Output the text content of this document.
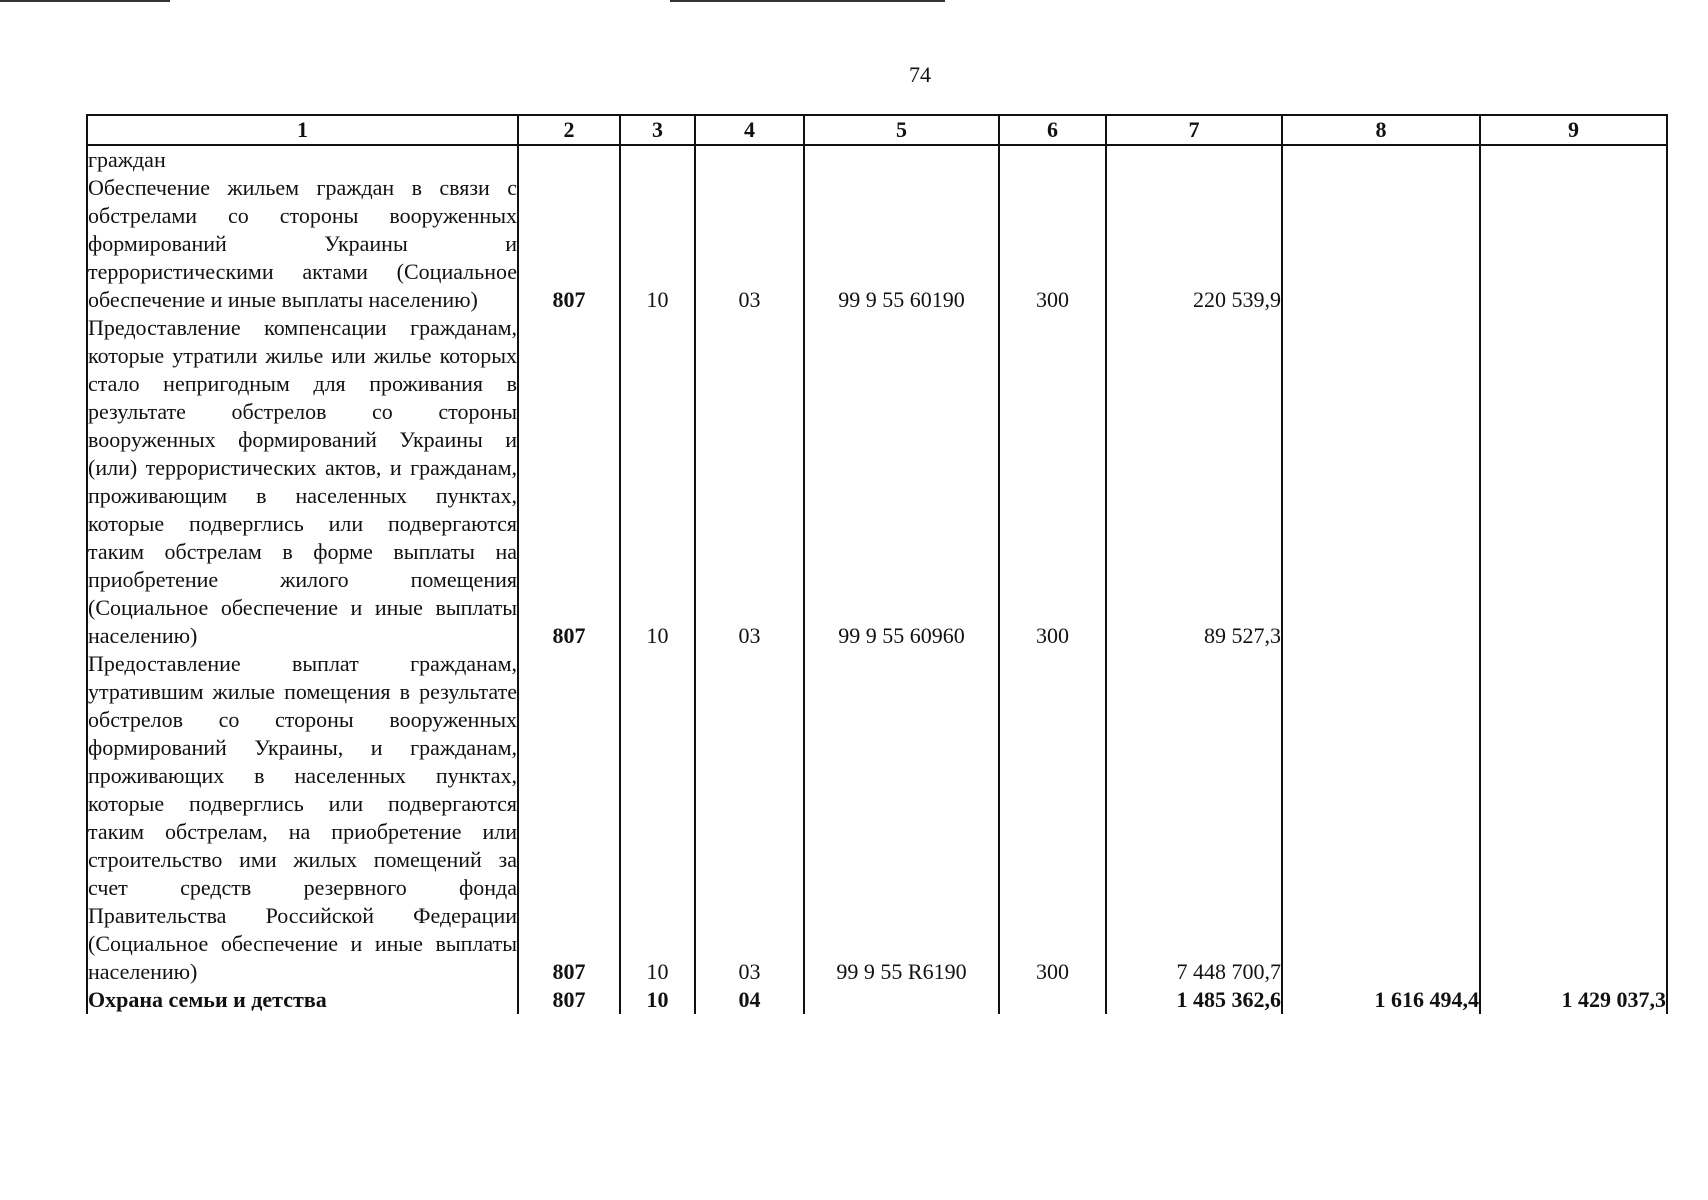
74
1	2	3	4	5	6	7	8	9
граждан								
Обеспечение жильем граждан в связи с обстрелами со стороны вооруженных формирований Украины и террористическими актами (Социальное обеспечение и иные выплаты населению)	807	10	03	99 9 55 60190	300	220 539,9		
Предоставление компенсации гражданам, которые утратили жилье или жилье которых стало непригодным для проживания в результате обстрелов со стороны вооруженных формирований Украины и (или) террористических актов, и гражданам, проживающим в населенных пунктах, которые подверглись или подвергаются таким обстрелам в форме выплаты на приобретение жилого помещения (Социальное обеспечение и иные выплаты населению)	807	10	03	99 9 55 60960	300	89 527,3		
Предоставление выплат гражданам, утратившим жилые помещения в результате обстрелов со стороны вооруженных формирований Украины, и гражданам, проживающих в населенных пунктах, которые подверглись или подвергаются таким обстрелам, на приобретение или строительство ими жилых помещений за счет средств резервного фонда Правительства Российской Федерации (Социальное обеспечение и иные выплаты населению)	807	10	03	99 9 55 R6190	300	7 448 700,7		
Охрана семьи и детства	807	10	04			1 485 362,6	1 616 494,4	1 429 037,3
